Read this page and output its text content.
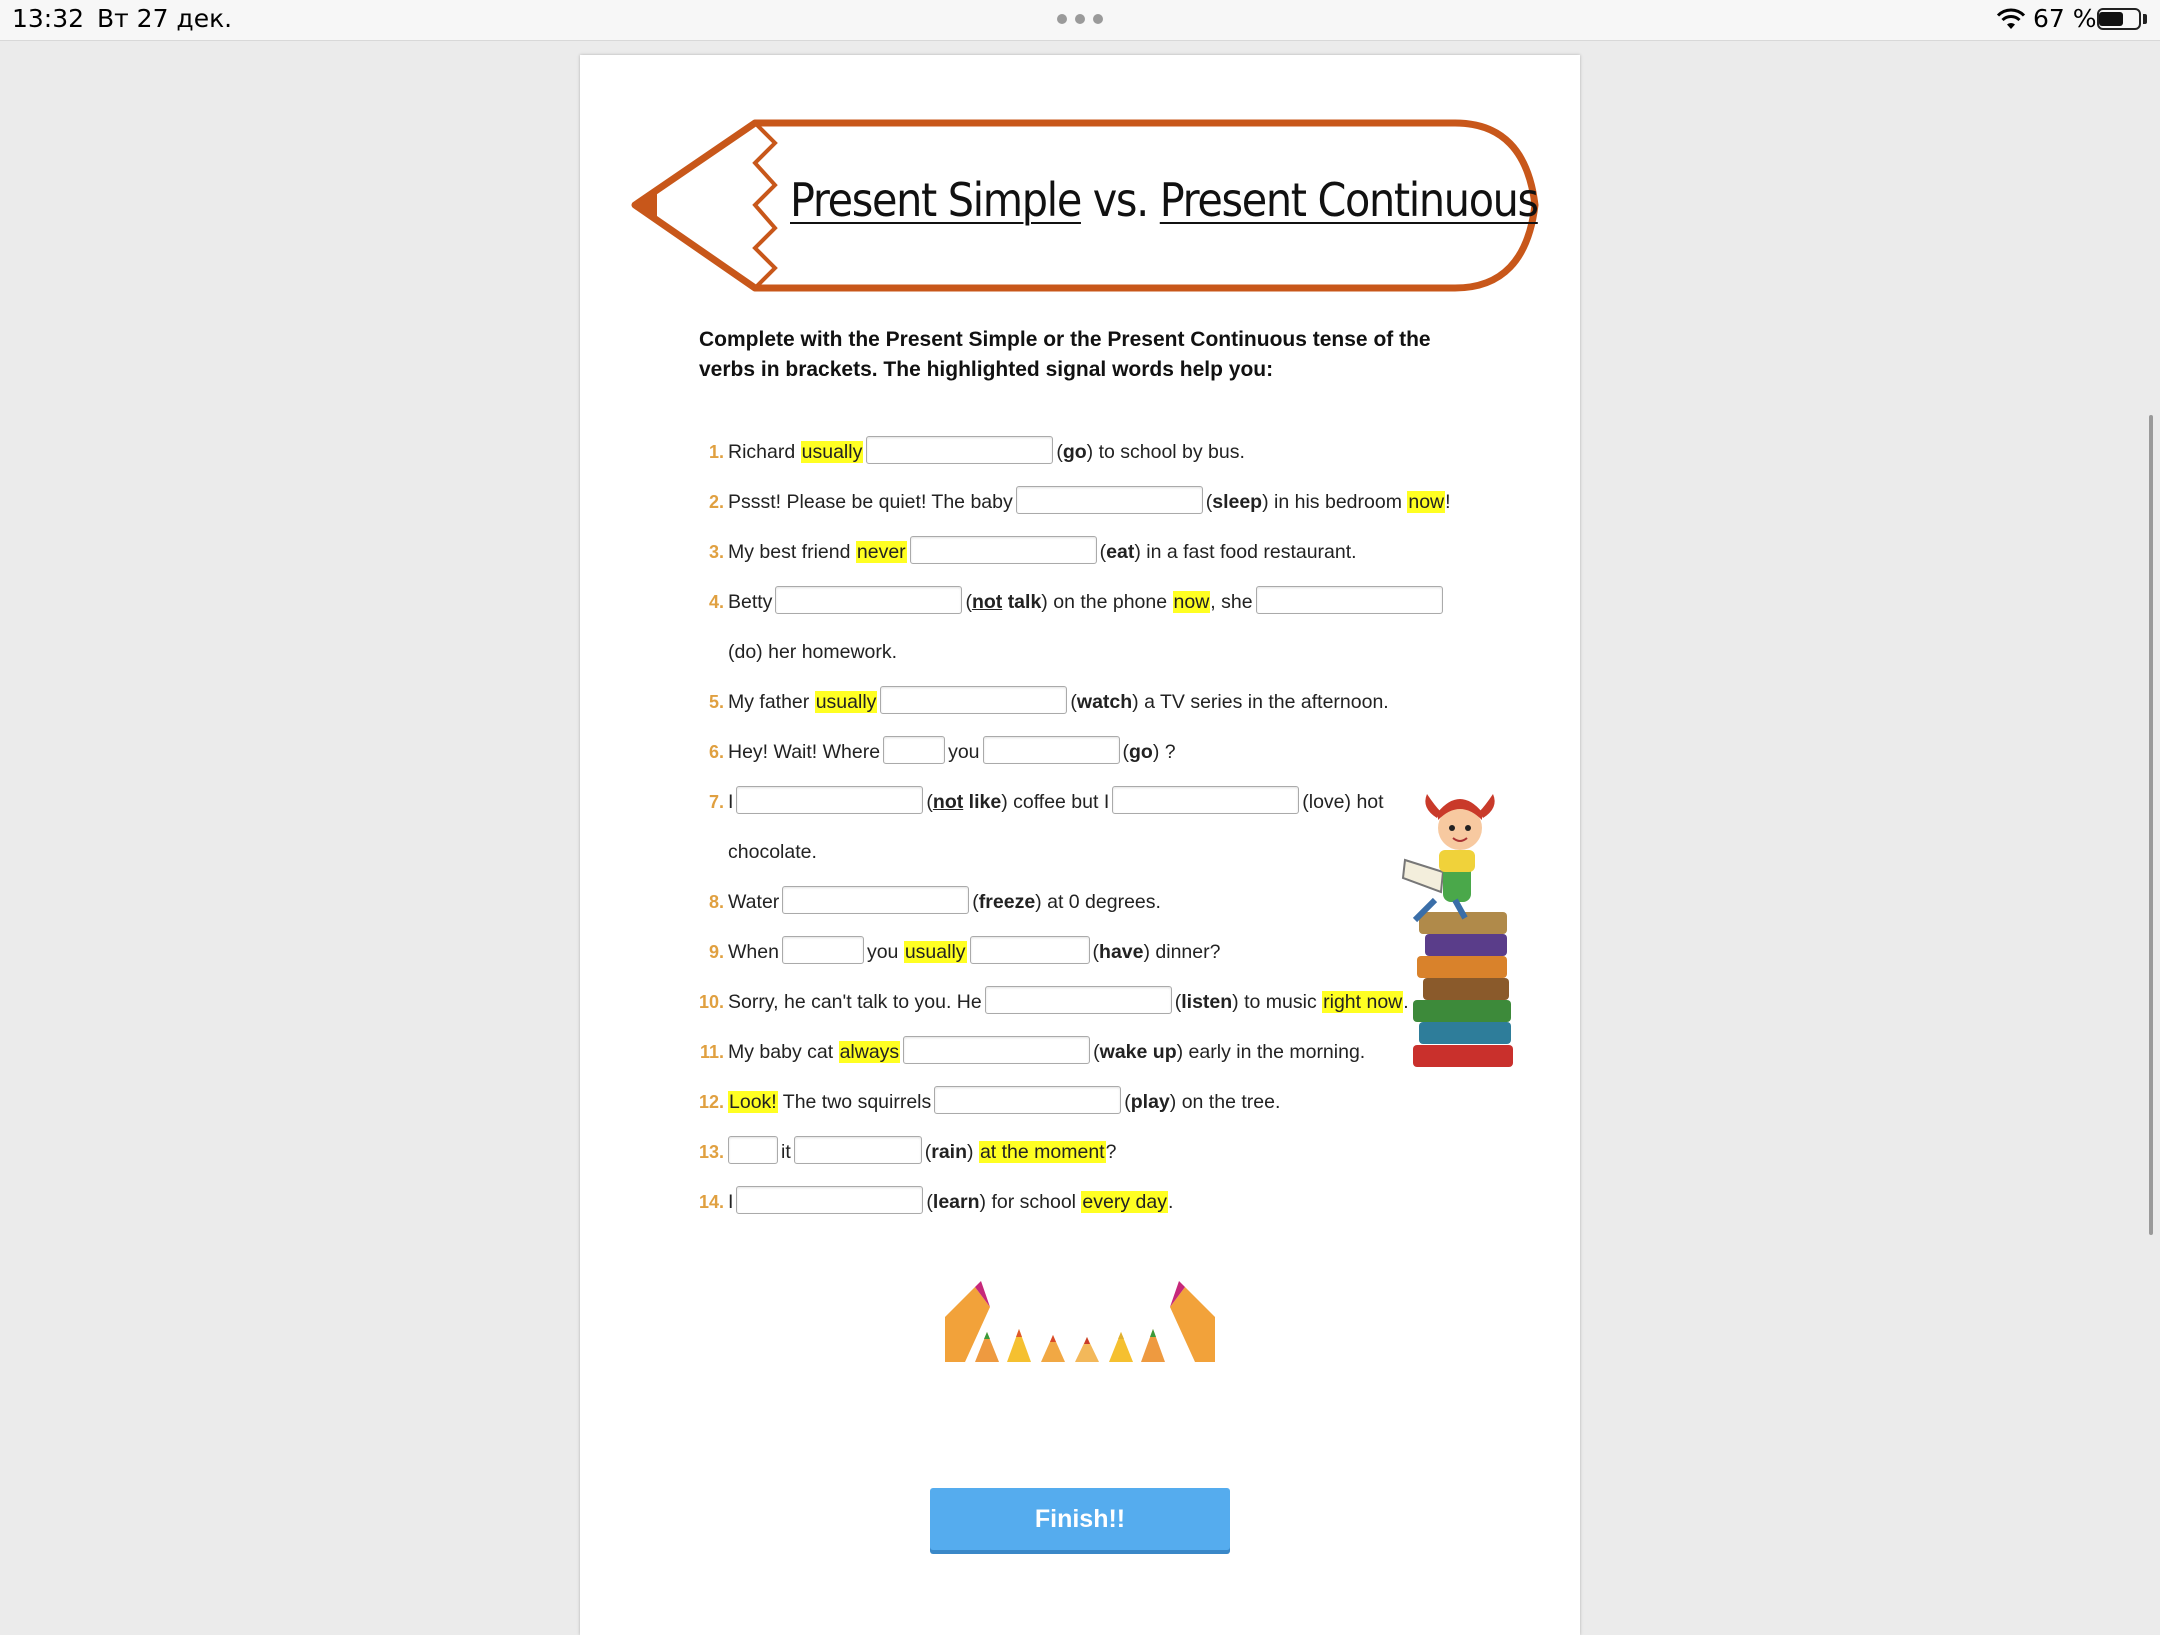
13:32 Вт 27 дек.	67 %
Present Simple vs. Present Continuous
Complete with the Present Simple or the Present Continuous tense of the verbs in brackets. The highlighted signal words help you:
1. Richard usually	(go) to school by bus.
2. Pssst! Please be quiet! The baby	(sleep) in his bedroom now!
3. My best friend never	(eat) in a fast food restaurant.
4. Betty	(not talk) on the phone now, she
(do) her homework.
5. My father usually	(watch) a TV series in the afternoon.
6. Hey! Wait! Where	you	(go) ?
7. I	(not like) coffee but I	(love) hot
chocolate.
8. Water	(freeze) at 0 degrees.
9. When	you usually	(have) dinner?
10. Sorry, he can't talk to you. He	(listen) to music right now.
11. My baby cat always	(wake up) early in the morning.
12. Look! The two squirrels	(play) on the tree.
13.	it	(rain) at the moment?
14. I	(learn) for school every day.
Finish!!
